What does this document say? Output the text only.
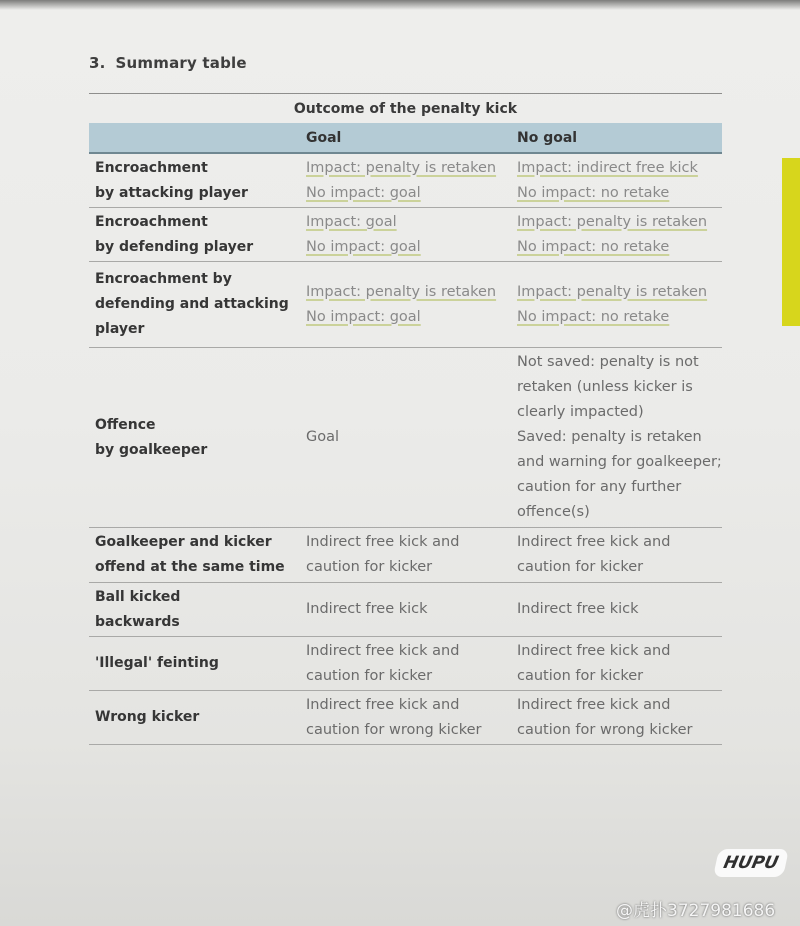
3. Summary table
Outcome of the penalty kick
Goal	No goal
Encroachment
by attacking player
Impact: penalty is retaken
No impact: goal
Impact: indirect free kick
No impact: no retake
Encroachment
by defending player
Impact: goal
No impact: goal
Impact: penalty is retaken
No impact: no retake
Encroachment by
defending and attacking
player
Impact: penalty is retaken
No impact: goal
Impact: penalty is retaken
No impact: no retake
Offence
by goalkeeper
Goal
Not saved: penalty is not
retaken (unless kicker is
clearly impacted)
Saved: penalty is retaken
and warning for goalkeeper;
caution for any further
offence(s)
Goalkeeper and kicker
offend at the same time
Indirect free kick and
caution for kicker
Indirect free kick and
caution for kicker
Ball kicked
backwards
Indirect free kick	Indirect free kick
'Illegal' feinting
Indirect free kick and
caution for kicker
Indirect free kick and
caution for kicker
Wrong kicker
Indirect free kick and
caution for wrong kicker
Indirect free kick and
caution for wrong kicker
HUPU
@虎扑3727981686
